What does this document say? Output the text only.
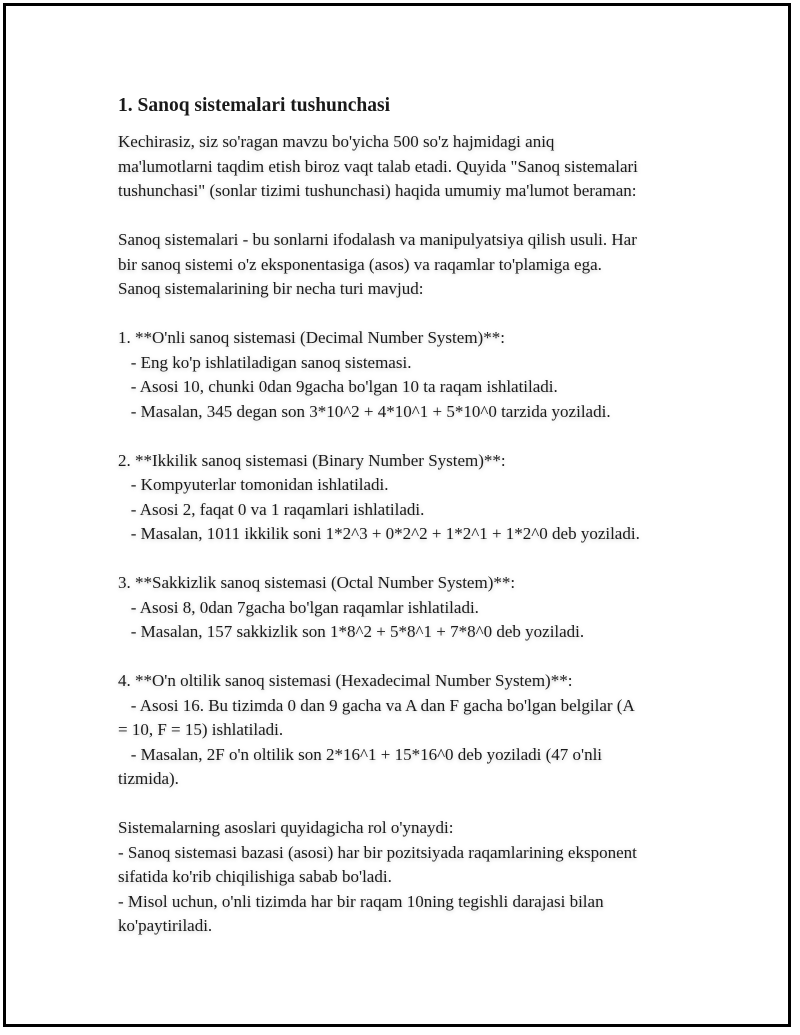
1. Sanoq sistemalari tushunchasi
Kechirasiz, siz so'ragan mavzu bo'yicha 500 so'z hajmidagi aniq
ma'lumotlarni taqdim etish biroz vaqt talab etadi. Quyida "Sanoq sistemalari
tushunchasi" (sonlar tizimi tushunchasi) haqida umumiy ma'lumot beraman:
Sanoq sistemalari - bu sonlarni ifodalash va manipulyatsiya qilish usuli. Har
bir sanoq sistemi o'z eksponentasiga (asos) va raqamlar to'plamiga ega.
Sanoq sistemalarining bir necha turi mavjud:
1. **O'nli sanoq sistemasi (Decimal Number System)**:
- Eng ko'p ishlatiladigan sanoq sistemasi.
- Asosi 10, chunki 0dan 9gacha bo'lgan 10 ta raqam ishlatiladi.
- Masalan, 345 degan son 3*10^2 + 4*10^1 + 5*10^0 tarzida yoziladi.
2. **Ikkilik sanoq sistemasi (Binary Number System)**:
- Kompyuterlar tomonidan ishlatiladi.
- Asosi 2, faqat 0 va 1 raqamlari ishlatiladi.
- Masalan, 1011 ikkilik soni 1*2^3 + 0*2^2 + 1*2^1 + 1*2^0 deb yoziladi.
3. **Sakkizlik sanoq sistemasi (Octal Number System)**:
- Asosi 8, 0dan 7gacha bo'lgan raqamlar ishlatiladi.
- Masalan, 157 sakkizlik son 1*8^2 + 5*8^1 + 7*8^0 deb yoziladi.
4. **O'n oltilik sanoq sistemasi (Hexadecimal Number System)**:
- Asosi 16. Bu tizimda 0 dan 9 gacha va A dan F gacha bo'lgan belgilar (A
= 10, F = 15) ishlatiladi.
- Masalan, 2F o'n oltilik son 2*16^1 + 15*16^0 deb yoziladi (47 o'nli
tizmida).
Sistemalarning asoslari quyidagicha rol o'ynaydi:
- Sanoq sistemasi bazasi (asosi) har bir pozitsiyada raqamlarining eksponent
sifatida ko'rib chiqilishiga sabab bo'ladi.
- Misol uchun, o'nli tizimda har bir raqam 10ning tegishli darajasi bilan
ko'paytiriladi.
